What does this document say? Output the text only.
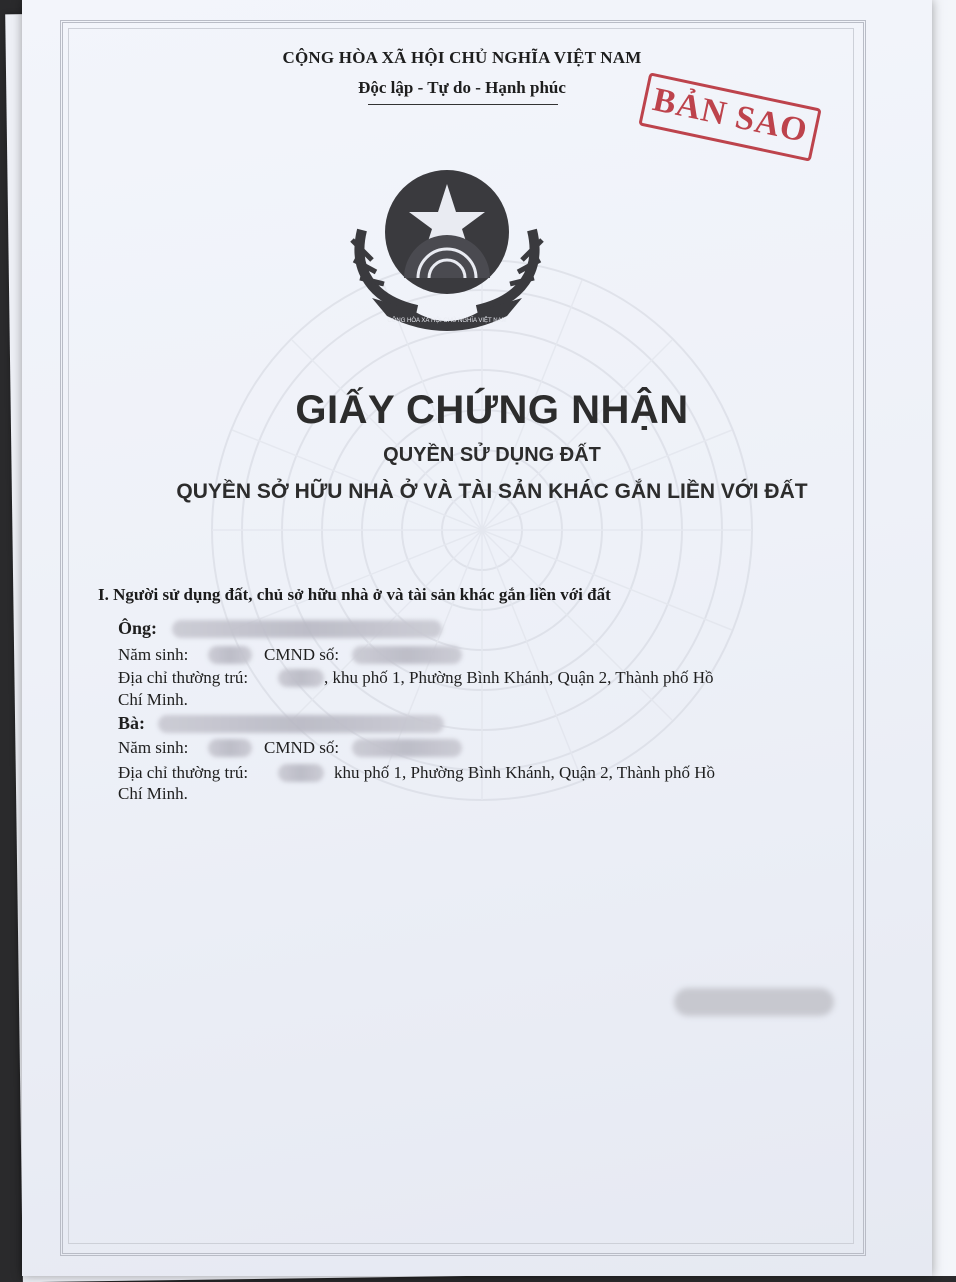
CỘNG HÒA XÃ HỘI CHỦ NGHĨA VIỆT NAM
Độc lập - Tự do - Hạnh phúc	BẢN SAO
CỘNG HÒA XÃ HỘI CHỦ NGHĨA VIỆT NAM
GIẤY CHỨNG NHẬN
QUYỀN SỬ DỤNG ĐẤT
QUYỀN SỞ HỮU NHÀ Ở VÀ TÀI SẢN KHÁC GẮN LIỀN VỚI ĐẤT
I. Người sử dụng đất, chủ sở hữu nhà ở và tài sản khác gắn liền với đất
Ông:
Năm sinh:	CMND số:
Địa chỉ thường trú:	, khu phố 1, Phường Bình Khánh, Quận 2, Thành phố Hồ
Chí Minh.
Bà:
Năm sinh:	CMND số:
Địa chỉ thường trú:	khu phố 1, Phường Bình Khánh, Quận 2, Thành phố Hồ
Chí Minh.
